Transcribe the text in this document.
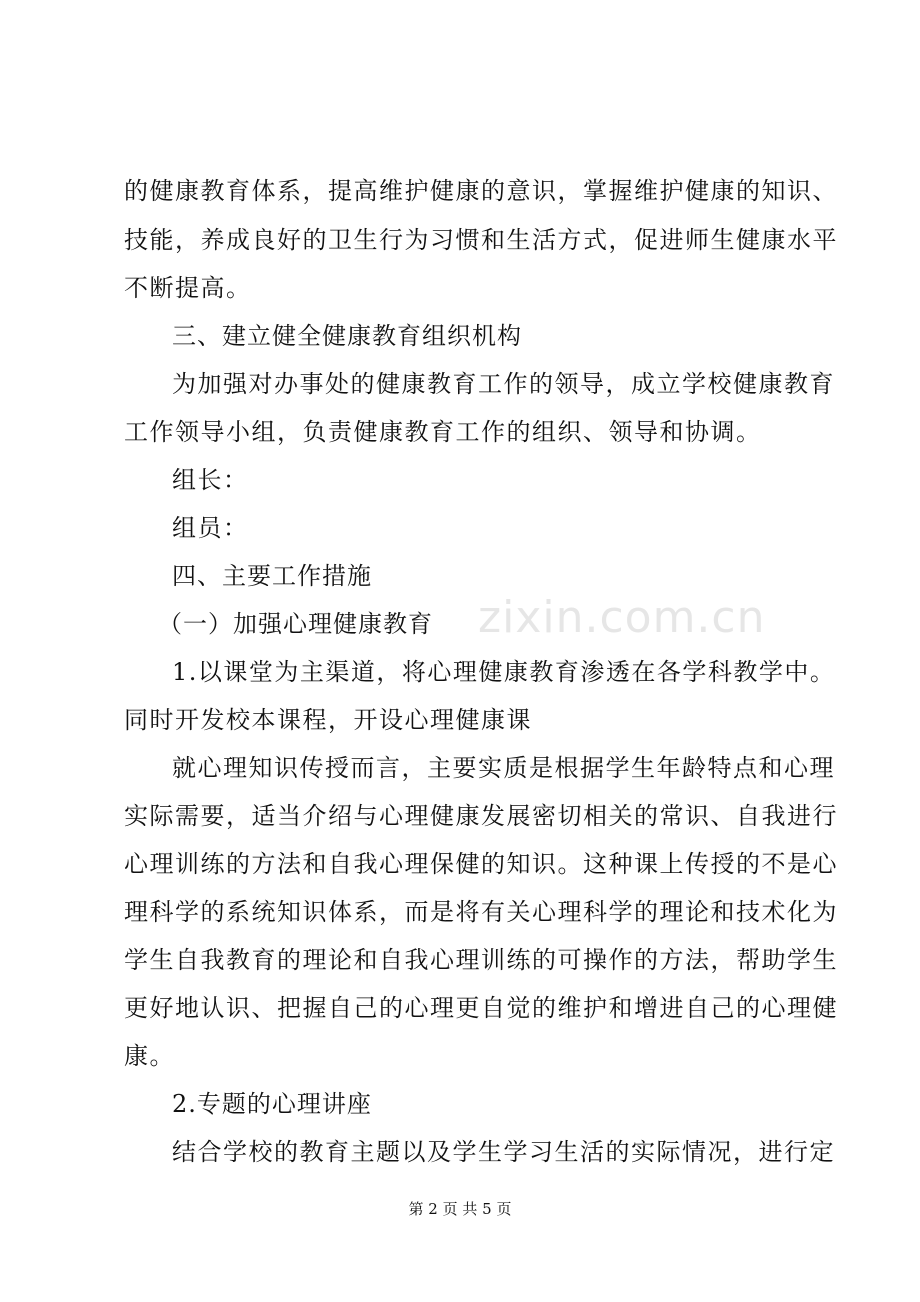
的健康教育体系，提高维护健康的意识，掌握维护健康的知识、
技能，养成良好的卫生行为习惯和生活方式，促进师生健康水平
不断提高。
三、建立健全健康教育组织机构
为加强对办事处的健康教育工作的领导，成立学校健康教育
工作领导小组，负责健康教育工作的组织、领导和协调。
组长：
组员：
四、主要工作措施
（一）加强心理健康教育 zixin.com.cn
1.以课堂为主渠道，将心理健康教育渗透在各学科教学中。
同时开发校本课程，开设心理健康课
就心理知识传授而言，主要实质是根据学生年龄特点和心理
实际需要，适当介绍与心理健康发展密切相关的常识、自我进行
心理训练的方法和自我心理保健的知识。这种课上传授的不是心
理科学的系统知识体系，而是将有关心理科学的理论和技术化为
学生自我教育的理论和自我心理训练的可操作的方法，帮助学生
更好地认识、把握自己的心理更自觉的维护和增进自己的心理健
康。
2.专题的心理讲座
结合学校的教育主题以及学生学习生活的实际情况，进行定
第 2 页 共 5 页
